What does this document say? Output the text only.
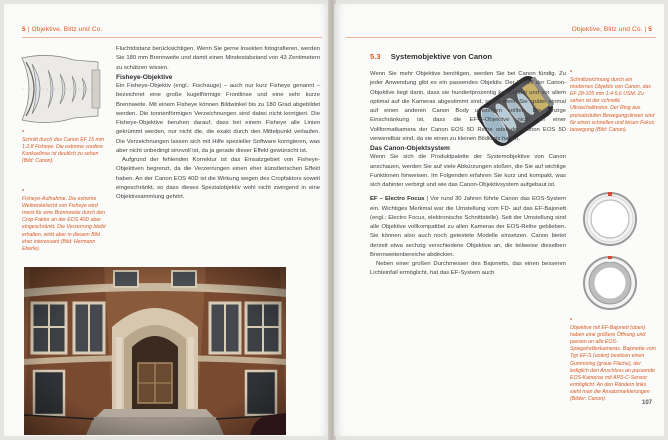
5 | Objektive, Blitz und Co.
*
Schnitt durch das Canon EF 15 mm 1:2,8 Fisheye. Die extreme vordere Konkavlinse ist deutlich zu sehen (Bild: Canon).
*
Fisheye-Aufnahme. Die extreme Weitwinkelsicht von Fisheye wird meist für eine Brennweite durch den Crop-Faktor an der EOS 40D aber eingeschränkt. Die Verzerrung bleibt erhalten, wirkt aber in diesem Bild eher interessant (Bild: Hermann Eberle).

Fluchtdistanz berücksichtigen. Wenn Sie gerne Insekten fotografieren, werden Sie 180 mm Brennweite und damit einen Mindestabstand von 43 Zentimetern zu schätzen wissen.

Fisheye-Objektive

Ein Fisheye-Objektiv (engl.: Fischauge) – auch nur kurz Fisheye genannt – bezeichnet eine große kugelförmige Frontlinse und eine sehr kurze Brennweite. Mit einem Fisheye können Bildwinkel bis zu 180 Grad abgebildet werden. Die tonnenförmigen Verzeichnungen sind dabei nicht korrigiert. Die Fisheye-Objektive beruhen darauf, dass bei einem Fisheye alle Linien gekrümmt werden, nur nicht die, die exakt durch den Mittelpunkt verlaufen. Die Verzeichnungen lassen sich mit Hilfe spezieller Software korrigieren, was aber nicht unbedingt sinnvoll ist, da ja gerade dieser Effekt gewünscht ist.

Aufgrund der fehlenden Korrektur ist das Einsatzgebiet von Fisheye-Objektiven begrenzt, da die Verzerrungen einen eher künstlerischen Effekt haben. An der Canon EOS 40D ist die Wirkung wegen des Cropfaktors soweit eingeschränkt, so dass dieses Spezialobjektiv wohl nicht zwingend in eine Objektivsammlung gehört.

Objektive, Blitz und Co. | 5
5.3 Systemobjektive von Canon

Wenn Sie mehr Objektive benötigen, werden Sie bei Canon fündig. Zu jeder Anwendung gibt es ein passendes Objektiv. Der Vorteil der Canon-Objektive liegt darin, dass sie hundertprozentig kompatibel und vor allem optimal auf die Kameras abgestimmt sind, selbst wenn Sie später einmal auf einen anderen Canon Body umsteigen sollten. Die einzige Einschränkung ist, dass die EF-S-Objektive nicht an einer Vollformatkamera der Canon EOS 5D Reihe oder der Canon EOS 5D verwendbar sind, da sie einen zu kleinen Bildkreis haben.

Das Canon-Objektsystem

Wenn Sie sich die Produktpalette der Systemobjektive von Canon anschauen, werden Sie auf viele Abkürzungen stoßen, die Sie auf wichtige Funktionen hinweisen. Im Folgenden erfahren Sie kurz und kompakt, was sich dahinter verbirgt und wie das Canon-Objektivsystem aufgebaut ist.

EF – Electro Focus | Vor rund 30 Jahren führte Canon das EOS-System ein. Wichtiges Merkmal war die Umstellung vom FD- auf das EF-Bajonett (engl.: Electro Focus, elektronische Schnittstelle). Seit der Umstellung sind alle Objektive vollkompatibel zu allen Kameras der EOS-Reihe geblieben. Sie können also auch noch getestete Modelle einsetzen. Canon bietet derzeit etwa sechzig verschiedene Objektive an, die teilweise dieselben Brennweitenbereiche abdecken.

Neben einer großen Durchmesser des Bajonetts, das einen besseren Lichteinfall ermöglicht, hat das EF-System auch

*
Schnittzeichnung durch ein modernes Objektiv von Canon, das EF 28-105 mm 1:4-5,6 USM. Zu sehen ist der schnelle Ultraschallmotor. Der Ring aus preisabstufen Bewegungslinsen sind für einen schnellen und leisen Fokus bewegung (Bild: Canon).
*
Objektive mit EF-Bajonett (oben) haben eine größere Öffnung und passen an alle EOS-Spiegelreflexkameras. Bajonette vom Typ EF-S (unten) besitzen einen Gummiring (graue Fläche), der lediglich den Anschluss an passende EOS-Kameras mit APS-C-Sensor ermöglicht. An den Rändern links sieht man die Ansatzmarkierungen (Bilder: Canon).
107
